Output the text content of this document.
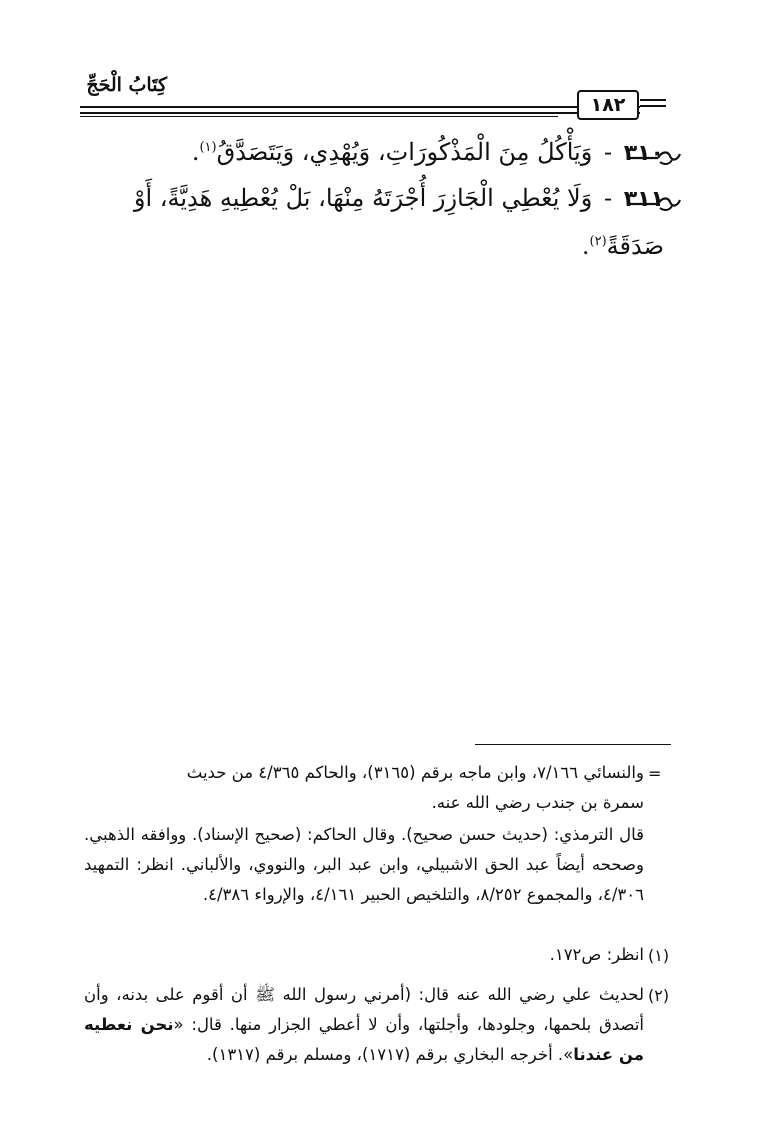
كِتَابُ الْحَجِّ
١٨٢
٣١٠ - وَيَأْكُلُ مِنَ الْمَذْكُورَاتِ، وَيُهْدِي، وَيَتَصَدَّقُ$^{(١)}$.
٣١١ - وَلَا يُعْطِي الْجَازِرَ أُجْرَتَهُ مِنْهَا، بَلْ يُعْطِيهِ هَدِيَّةً، أَوْ
صَدَقَةً$^{(٢)}$.
=
والنسائي ٧/١٦٦، وابن ماجه برقم (٣١٦٥)، والحاكم ٤/٣٦٥ من حديث
سمرة بن جندب رضي الله عنه.
قال الترمذي: (حديث حسن صحيح). وقال الحاكم: (صحيح الإسناد). ووافقه الذهبي. وصححه أيضاً عبد الحق الاشبيلي، وابن عبد البر، والنووي، والألباني. انظر: التمهيد ٤/٣٠٦، والمجموع ٨/٢٥٢، والتلخيص الحبير ٤/١٦١، والإرواء ٤/٣٨٦.
(١)
انظر: ص١٧٢.
(٢)
لحديث علي رضي الله عنه قال: (أمرني رسول الله ﷺ أن أقوم على بدنه، وأن أتصدق بلحمها، وجلودها، وأجلتها، وأن لا أعطي الجزار منها. قال: «نحن نعطيه من عندنا». أخرجه البخاري برقم (١٧١٧)، ومسلم برقم (١٣١٧).
